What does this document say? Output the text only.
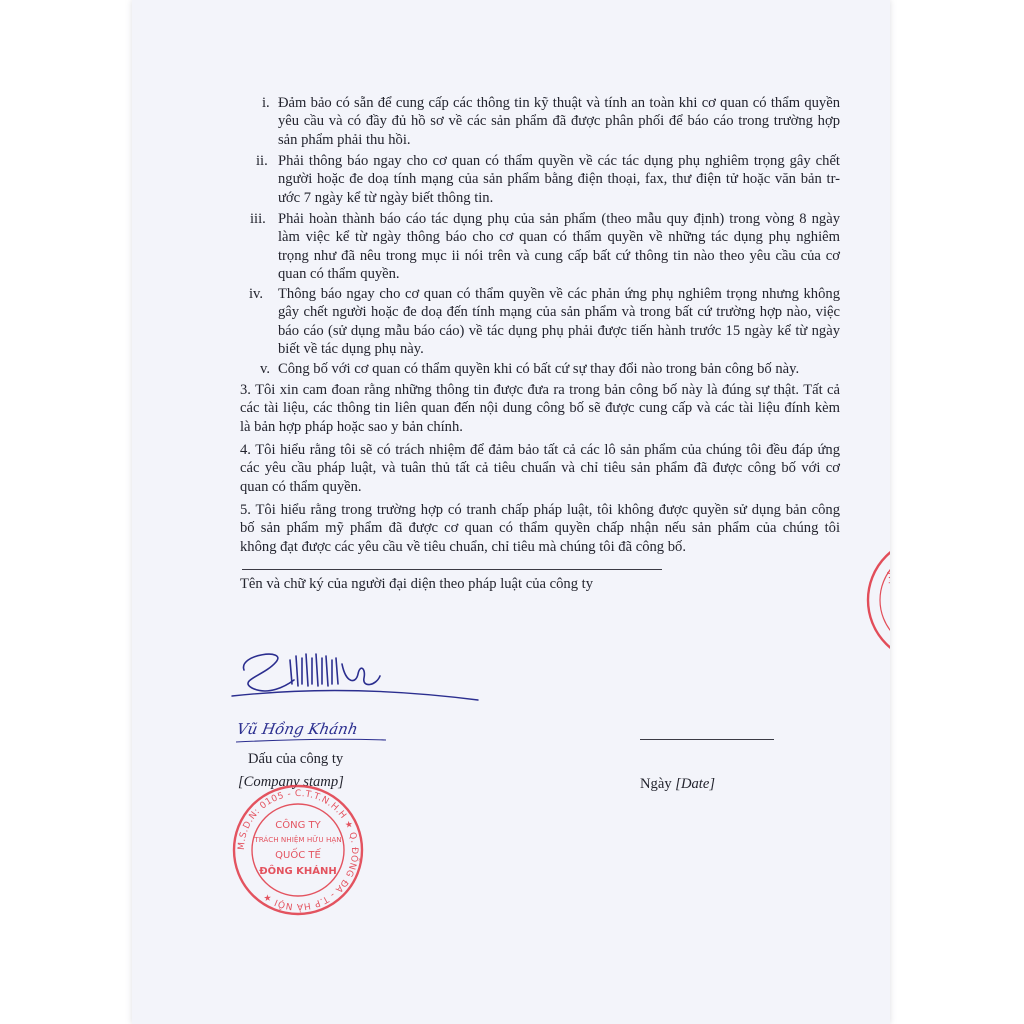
i. Đảm bảo có sẵn để cung cấp các thông tin kỹ thuật và tính an toàn khi cơ quan có thẩm quyền
yêu cầu và có đầy đủ hồ sơ về các sản phẩm đã được phân phối để báo cáo trong trường hợp
sản phẩm phải thu hồi.
ii. Phải thông báo ngay cho cơ quan có thẩm quyền về các tác dụng phụ nghiêm trọng gây chết
người hoặc đe doạ tính mạng của sản phẩm bằng điện thoại, fax, thư điện tử hoặc văn bản tr-
ước 7 ngày kể từ ngày biết thông tin.
iii. Phải hoàn thành báo cáo tác dụng phụ của sản phẩm (theo mẫu quy định) trong vòng 8 ngày
làm việc kể từ ngày thông báo cho cơ quan có thẩm quyền về những tác dụng phụ nghiêm
trọng như đã nêu trong mục ii nói trên và cung cấp bất cứ thông tin nào theo yêu cầu của cơ
quan có thẩm quyền.
iv. Thông báo ngay cho cơ quan có thẩm quyền về các phản ứng phụ nghiêm trọng nhưng không
gây chết người hoặc đe doạ đến tính mạng của sản phẩm và trong bất cứ trường hợp nào, việc
báo cáo (sử dụng mẫu báo cáo) về tác dụng phụ phải được tiến hành trước 15 ngày kể từ ngày
biết về tác dụng phụ này.
v. Công bố với cơ quan có thẩm quyền khi có bất cứ sự thay đổi nào trong bản công bố này.
3. Tôi xin cam đoan rằng những thông tin được đưa ra trong bản công bố này là đúng sự thật. Tất cả
các tài liệu, các thông tin liên quan đến nội dung công bố sẽ được cung cấp và các tài liệu đính kèm
là bản hợp pháp hoặc sao y bản chính.
4. Tôi hiểu rằng tôi sẽ có trách nhiệm để đảm bảo tất cả các lô sản phẩm của chúng tôi đều đáp ứng
các yêu cầu pháp luật, và tuân thủ tất cả tiêu chuẩn và chỉ tiêu sản phẩm đã được công bố với cơ
quan có thẩm quyền.
5. Tôi hiểu rằng trong trường hợp có tranh chấp pháp luật, tôi không được quyền sử dụng bản công
bố sản phẩm mỹ phẩm đã được cơ quan có thẩm quyền chấp nhận nếu sản phẩm của chúng tôi
không đạt được các yêu cầu về tiêu chuẩn, chỉ tiêu mà chúng tôi đã công bố.
Tên và chữ ký của người đại diện theo pháp luật của công ty
Vũ Hồng Khánh
Dấu của công ty
[Company stamp]	Ngày [Date]
M.S.D.N: 0105 - C.T.T.N.H.H ★ Q. ĐỐNG ĐA - T.P HÀ NỘI ★
CÔNG TY
TRÁCH NHIỆM HỮU HẠN
QUỐC TẾ
ĐÔNG KHÁNH
VIỆT NAM ★
